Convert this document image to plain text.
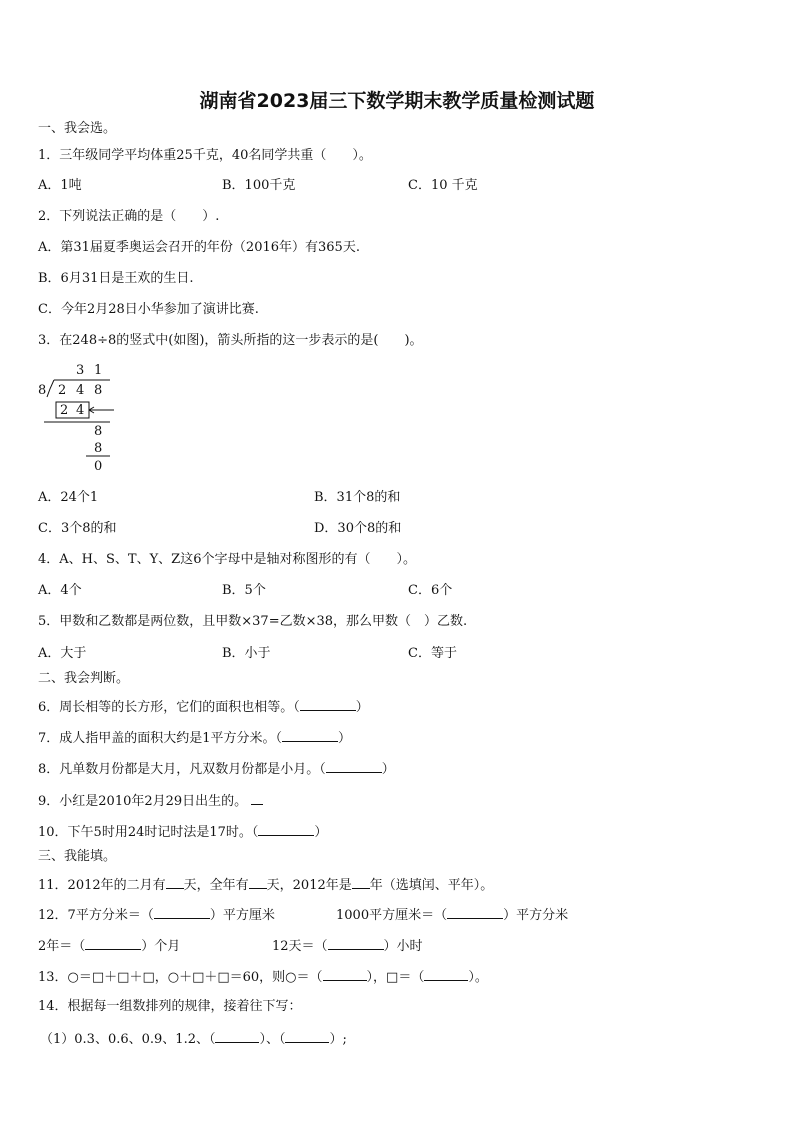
湖南省2023届三下数学期末教学质量检测试题
一、我会选。
1．三年级同学平均体重25千克，40名同学共重（　　）。
A．1吨	B．100千克	C．10 千克
2．下列说法正确的是（　　）.
A．第31届夏季奥运会召开的年份（2016年）有365天.
B．6月31日是王欢的生日.
C．今年2月28日小华参加了演讲比赛.
3．在248÷8的竖式中(如图)，箭头所指的这一步表示的是(　　)。
3 1
8 2 4 8
2 4
8
8
0
A．24个1	B．31个8的和
C．3个8的和	D．30个8的和
4．A、H、S、T、Y、Z这6个字母中是轴对称图形的有（　　）。
A．4个	B．5个	C．6个
5．甲数和乙数都是两位数，且甲数×37=乙数×38，那么甲数（　）乙数.
A．大于	B．小于	C．等于
二、我会判断。
6．周长相等的长方形，它们的面积也相等。（	）
7．成人指甲盖的面积大约是1平方分米。（	）
8．凡单数月份都是大月，凡双数月份都是小月。（	）
9．小红是2010年2月29日出生的。
10．下午5时用24时记时法是17时。（	）
三、我能填。
11．2012年的二月有 天，全年有 天，2012年是 年（选填闰、平年）。
12．7平方分米＝（	）平方厘米	1000平方厘米＝（	）平方分米
2年＝（	）个月	12天＝（	）小时
13．○＝□＋□＋□，○＋□＋□＝60，则○＝（	），□＝（	）。
14．根据每一组数排列的规律，接着往下写：
（1）0.3、0.6、0.9、1.2、（	）、（	）;
